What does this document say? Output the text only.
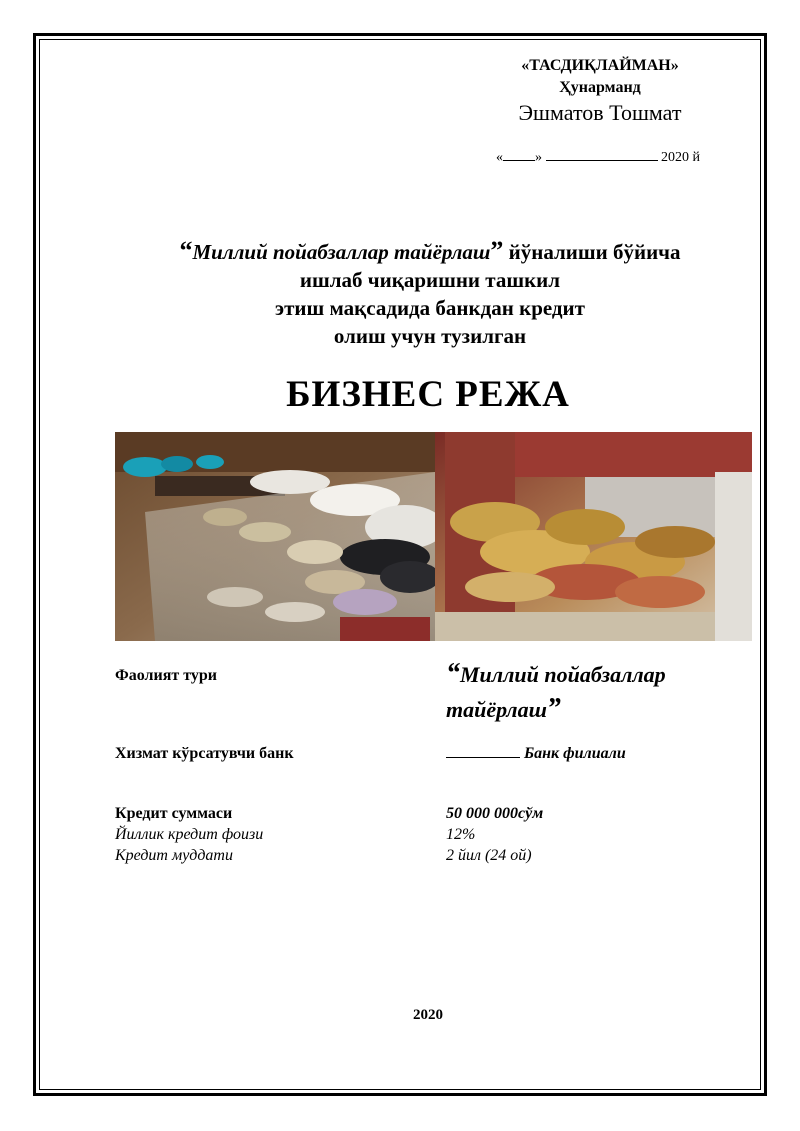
«ТАСДИҚЛАЙМАН»
Ҳунарманд
Эшматов Тошмат
« »	2020 й
“Миллий пойабзаллар тайёрлаш” йўналиши бўйича
ишлаб чиқаришни ташкил
этиш мақсадида банкдан кредит
олиш учун тузилган
БИЗНЕС РЕЖА
Фаолият тури	“Миллий пойабзаллар
тайёрлаш”
Хизмат кўрсатувчи банк	Банк филиали
Кредит суммаси	50 000 000сўм
Йиллик кредит фоизи	12%
Кредит муддати	2 йил (24 ой)
2020
